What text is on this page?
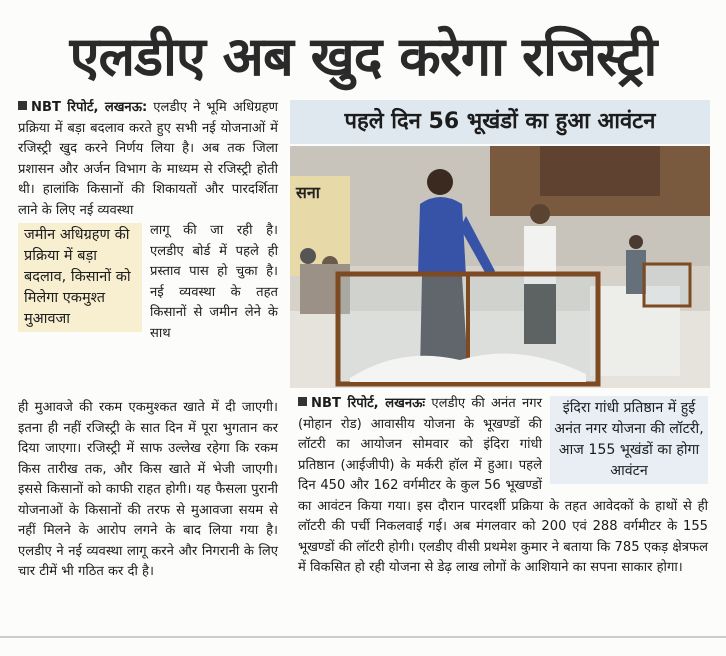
एलडीए अब खुद करेगा रजिस्ट्री

NBT रिपोर्ट, लखनऊ: एलडीए ने भूमि अधिग्रहण प्रक्रिया में बड़ा बदलाव करते हुए सभी नई योजनाओं में रजिस्ट्री खुद करने निर्णय लिया है। अब तक जिला प्रशासन और अर्जन विभाग के माध्यम से रजिस्ट्री होती थी। हालांकि किसानों की शिकायतों और पारदर्शिता लाने के लिए नई व्यवस्था

जमीन अधिग्रहण की प्रक्रिया में बड़ा बदलाव, किसानों को मिलेगा एकमुश्त मुआवजा

लागू की जा रही है। एलडीए बोर्ड में पहले ही प्रस्ताव पास हो चुका है। नई व्यवस्था के तहत किसानों से जमीन लेने के साथ

ही मुआवजे की रकम एकमुश्कत खाते में दी जाएगी। इतना ही नहीं रजिस्ट्री के सात दिन में पूरा भुगतान कर दिया जाएगा। रजिस्ट्री में साफ उल्लेख रहेगा कि रकम किस तारीख तक, और किस खाते में भेजी जाएगी। इससे किसानों को काफी राहत होगी। यह फैसला पुरानी योजनाओं के किसानों की तरफ से मुआवजा सयम से नहीं मिलने के आरोप लगने के बाद लिया गया है। एलडीए ने नई व्यवस्था लागू करने और निगरानी के लिए चार टीमें भी गठित कर दी है।
पहले दिन 56 भूखंडों का हुआ आवंटन
सना
इंदिरा गांधी प्रतिष्ठान में हुई अनंत नगर योजना की लॉटरी, आज 155 भूखंडों का होगा आवंटन

NBT रिपोर्ट, लखनऊः एलडीए की अनंत नगर (मोहान रोड) आवासीय योजना के भूखण्डों की लॉटरी का आयोजन सोमवार को इंदिरा गांधी प्रतिष्ठान (आईजीपी) के मर्करी हॉल में हुआ। पहले दिन 450 और 162 वर्गमीटर के कुल 56 भूखण्डों का आवंटन किया गया। इस दौरान पारदर्शी प्रक्रिया के तहत आवेदकों के हाथों से ही लॉटरी की पर्ची निकलवाई गई। अब मंगलवार को 200 एवं 288 वर्गमीटर के 155 भूखण्डों की लॉटरी होगी। एलडीए वीसी प्रथमेश कुमार ने बताया कि 785 एकड़ क्षेत्रफल में विकसित हो रही योजना से डेढ़ लाख लोगों के आशियाने का सपना साकार होगा।
